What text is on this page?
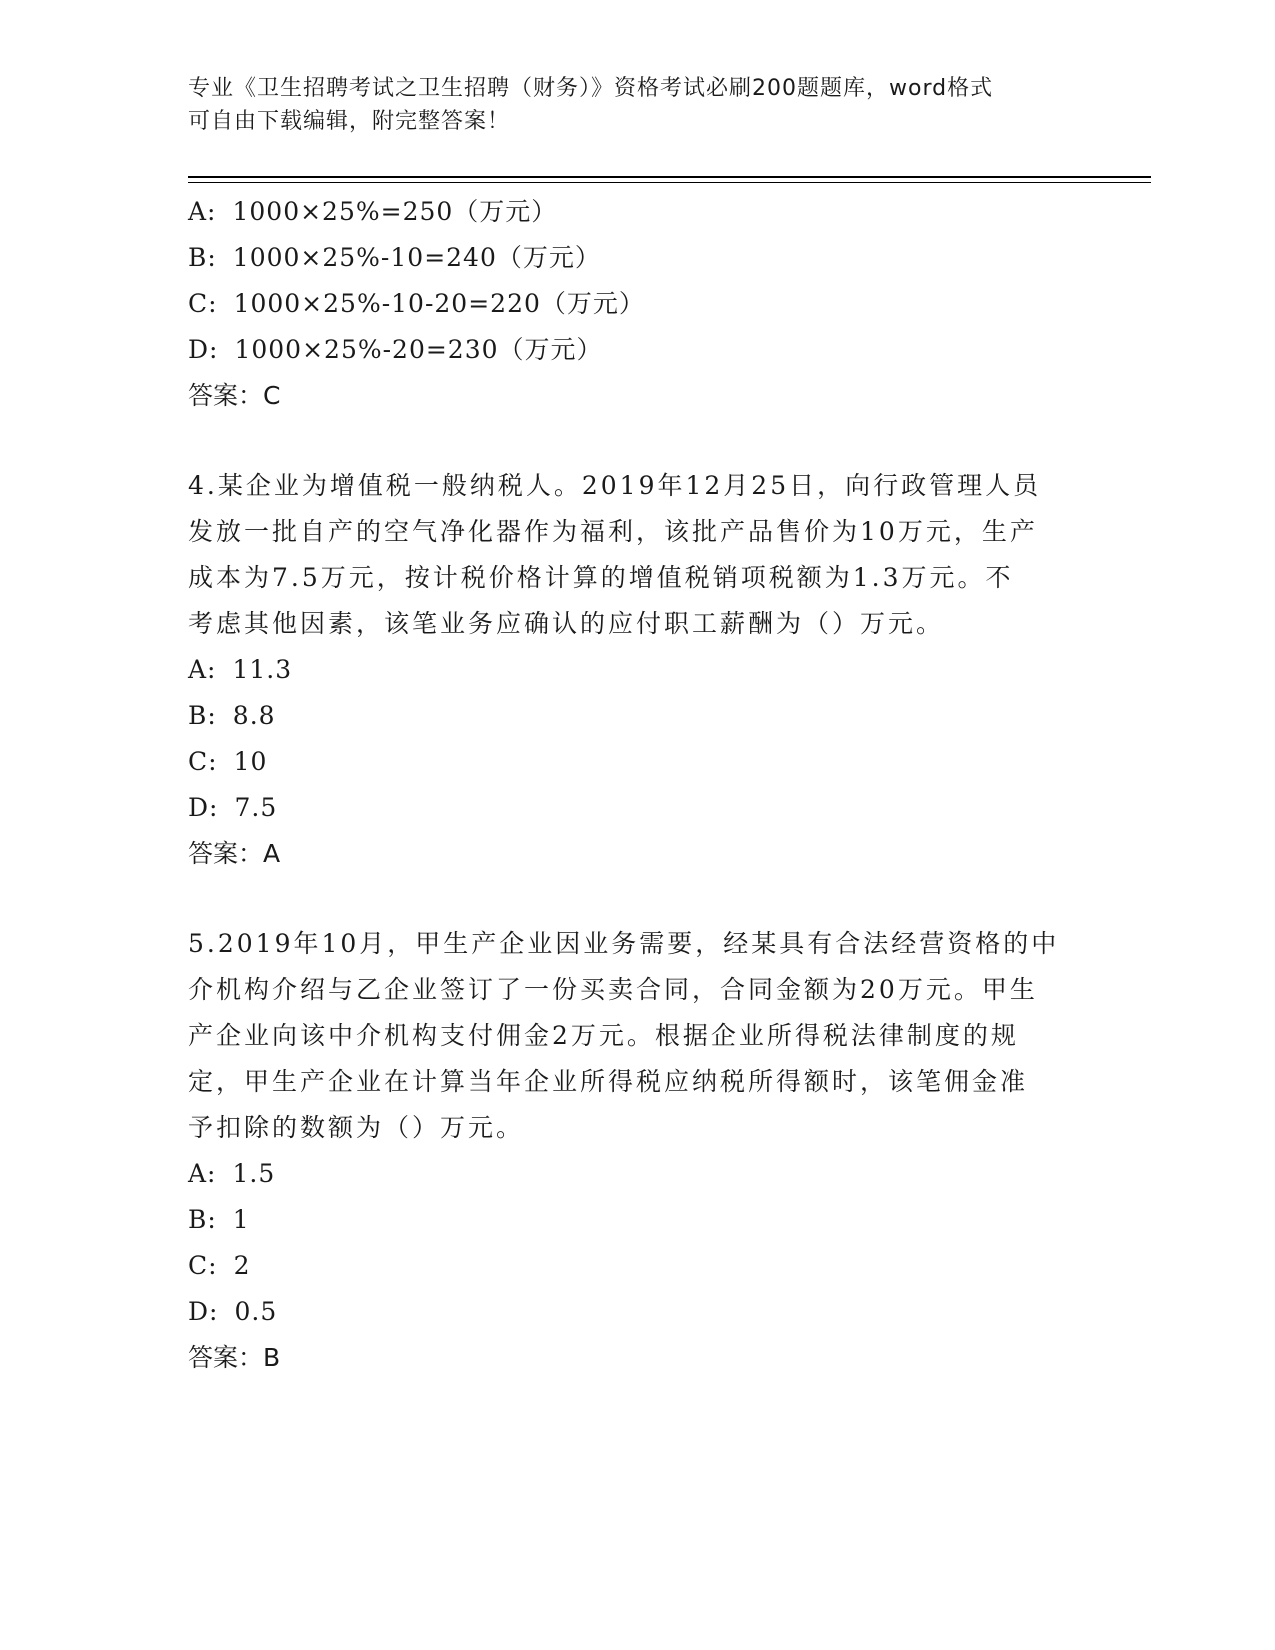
专业《卫生招聘考试之卫生招聘（财务）》资格考试必刷200题题库，word格式
可自由下载编辑，附完整答案！
A: 1000×25%=250（万元）
B: 1000×25%-10=240（万元）
C: 1000×25%-10-20=220（万元）
D: 1000×25%-20=230（万元）
答案：C
4.某企业为增值税一般纳税人。2019年12月25日，向行政管理人员
发放一批自产的空气净化器作为福利，该批产品售价为10万元，生产
成本为7.5万元，按计税价格计算的增值税销项税额为1.3万元。不
考虑其他因素，该笔业务应确认的应付职工薪酬为（）万元。
A: 11.3
B: 8.8
C: 10
D: 7.5
答案：A
5.2019年10月，甲生产企业因业务需要，经某具有合法经营资格的中
介机构介绍与乙企业签订了一份买卖合同，合同金额为20万元。甲生
产企业向该中介机构支付佣金2万元。根据企业所得税法律制度的规
定，甲生产企业在计算当年企业所得税应纳税所得额时，该笔佣金准
予扣除的数额为（）万元。
A: 1.5
B: 1
C: 2
D: 0.5
答案：B
